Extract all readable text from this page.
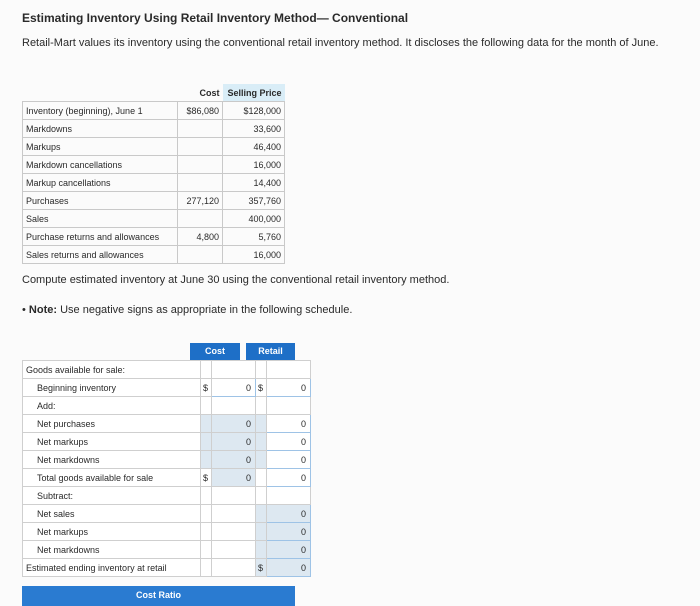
Estimating Inventory Using Retail Inventory Method— Conventional
Retail-Mart values its inventory using the conventional retail inventory method. It discloses the following data for the month of June.
	Cost	Selling Price
Inventory (beginning), June 1	$86,080	$128,000
Markdowns		33,600
Markups		46,400
Markdown cancellations		16,000
Markup cancellations		14,400
Purchases	277,120	357,760
Sales		400,000
Purchase returns and allowances	4,800	5,760
Sales returns and allowances		16,000
Compute estimated inventory at June 30 using the conventional retail inventory method.
• Note: Use negative signs as appropriate in the following schedule.
Cost	Retail
Goods available for sale:				
Beginning inventory	$	0	$	0
Add:				
Net purchases		0		0
Net markups		0		0
Net markdowns		0		0
Total goods available for sale	$	0		0
Subtract:				
Net sales				0
Net markups				0
Net markdowns				0
Estimated ending inventory at retail			$	0
Cost Ratio
